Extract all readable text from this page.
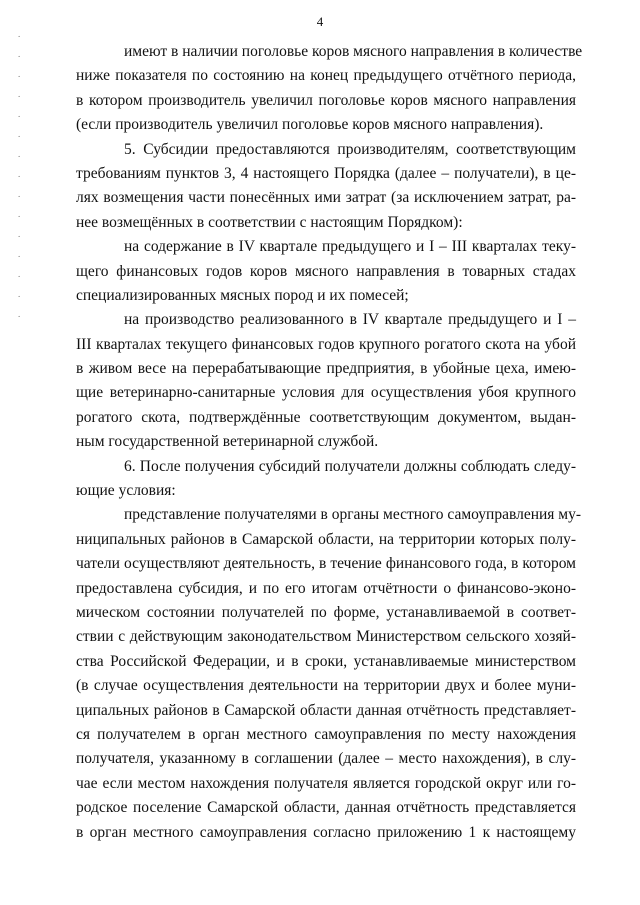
4
.
.
.
.
.
.
.
.
.
.
.
.
.
.
.
имеют в наличии поголовье коров мясного направления в количестве
ниже показателя по состоянию на конец предыдущего отчётного периода,
в котором производитель увеличил поголовье коров мясного направления
(если производитель увеличил поголовье коров мясного направления).
5. Субсидии предоставляются производителям, соответствующим
требованиям пунктов 3, 4 настоящего Порядка (далее – получатели), в це-
лях возмещения части понесённых ими затрат (за исключением затрат, ра-
нее возмещённых в соответствии с настоящим Порядком):
на содержание в IV квартале предыдущего и I – III кварталах теку-
щего финансовых годов коров мясного направления в товарных стадах
специализированных мясных пород и их помесей;
на производство реализованного в IV квартале предыдущего и I –
III кварталах текущего финансовых годов крупного рогатого скота на убой
в живом весе на перерабатывающие предприятия, в убойные цеха, имею-
щие ветеринарно-санитарные условия для осуществления убоя крупного
рогатого скота, подтверждённые соответствующим документом, выдан-
ным государственной ветеринарной службой.
6. После получения субсидий получатели должны соблюдать следу-
ющие условия:
представление получателями в органы местного самоуправления му-
ниципальных районов в Самарской области, на территории которых полу-
чатели осуществляют деятельность, в течение финансового года, в котором
предоставлена субсидия, и по его итогам отчётности о финансово-эконо-
мическом состоянии получателей по форме, устанавливаемой в соответ-
ствии с действующим законодательством Министерством сельского хозяй-
ства Российской Федерации, и в сроки, устанавливаемые министерством
(в случае осуществления деятельности на территории двух и более муни-
ципальных районов в Самарской области данная отчётность представляет-
ся получателем в орган местного самоуправления по месту нахождения
получателя, указанному в соглашении (далее – место нахождения), в слу-
чае если местом нахождения получателя является городской округ или го-
родское поселение Самарской области, данная отчётность представляется
в орган местного самоуправления согласно приложению 1 к настоящему
